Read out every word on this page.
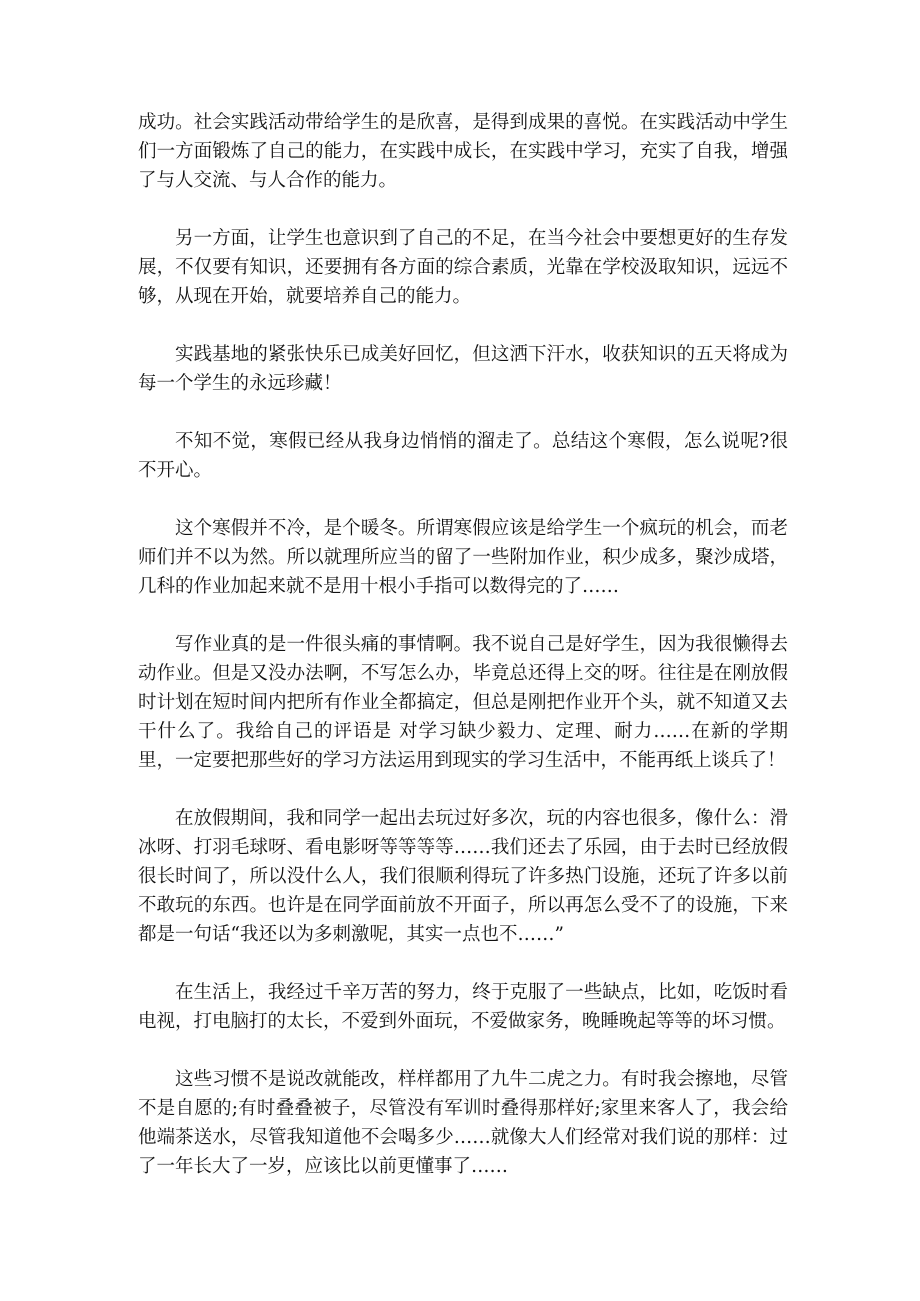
成功。社会实践活动带给学生的是欣喜，是得到成果的喜悦。在实践活动中学生们一方面锻炼了自己的能力，在实践中成长，在实践中学习，充实了自我，增强了与人交流、与人合作的能力。

另一方面，让学生也意识到了自己的不足，在当今社会中要想更好的生存发展，不仅要有知识，还要拥有各方面的综合素质，光靠在学校汲取知识，远远不够，从现在开始，就要培养自己的能力。

实践基地的紧张快乐已成美好回忆，但这洒下汗水，收获知识的五天将成为每一个学生的永远珍藏！

不知不觉，寒假已经从我身边悄悄的溜走了。总结这个寒假，怎么说呢?很不开心。

这个寒假并不冷，是个暖冬。所谓寒假应该是给学生一个疯玩的机会，而老师们并不以为然。所以就理所应当的留了一些附加作业，积少成多，聚沙成塔，几科的作业加起来就不是用十根小手指可以数得完的了……

写作业真的是一件很头痛的事情啊。我不说自己是好学生，因为我很懒得去动作业。但是又没办法啊，不写怎么办，毕竟总还得上交的呀。往往是在刚放假时计划在短时间内把所有作业全都搞定，但总是刚把作业开个头，就不知道又去干什么了。我给自己的评语是 对学习缺少毅力、定理、耐力……在新的学期里，一定要把那些好的学习方法运用到现实的学习生活中，不能再纸上谈兵了！

在放假期间，我和同学一起出去玩过好多次，玩的内容也很多，像什么：滑冰呀、打羽毛球呀、看电影呀等等等等……我们还去了乐园，由于去时已经放假很长时间了，所以没什么人，我们很顺利得玩了许多热门设施，还玩了许多以前不敢玩的东西。也许是在同学面前放不开面子，所以再怎么受不了的设施，下来都是一句话“我还以为多刺激呢，其实一点也不……”

在生活上，我经过千辛万苦的努力，终于克服了一些缺点，比如，吃饭时看电视，打电脑打的太长，不爱到外面玩，不爱做家务，晚睡晚起等等的坏习惯。

这些习惯不是说改就能改，样样都用了九牛二虎之力。有时我会擦地，尽管不是自愿的;有时叠叠被子，尽管没有军训时叠得那样好;家里来客人了，我会给他端茶送水，尽管我知道他不会喝多少……就像大人们经常对我们说的那样：过了一年长大了一岁，应该比以前更懂事了……
